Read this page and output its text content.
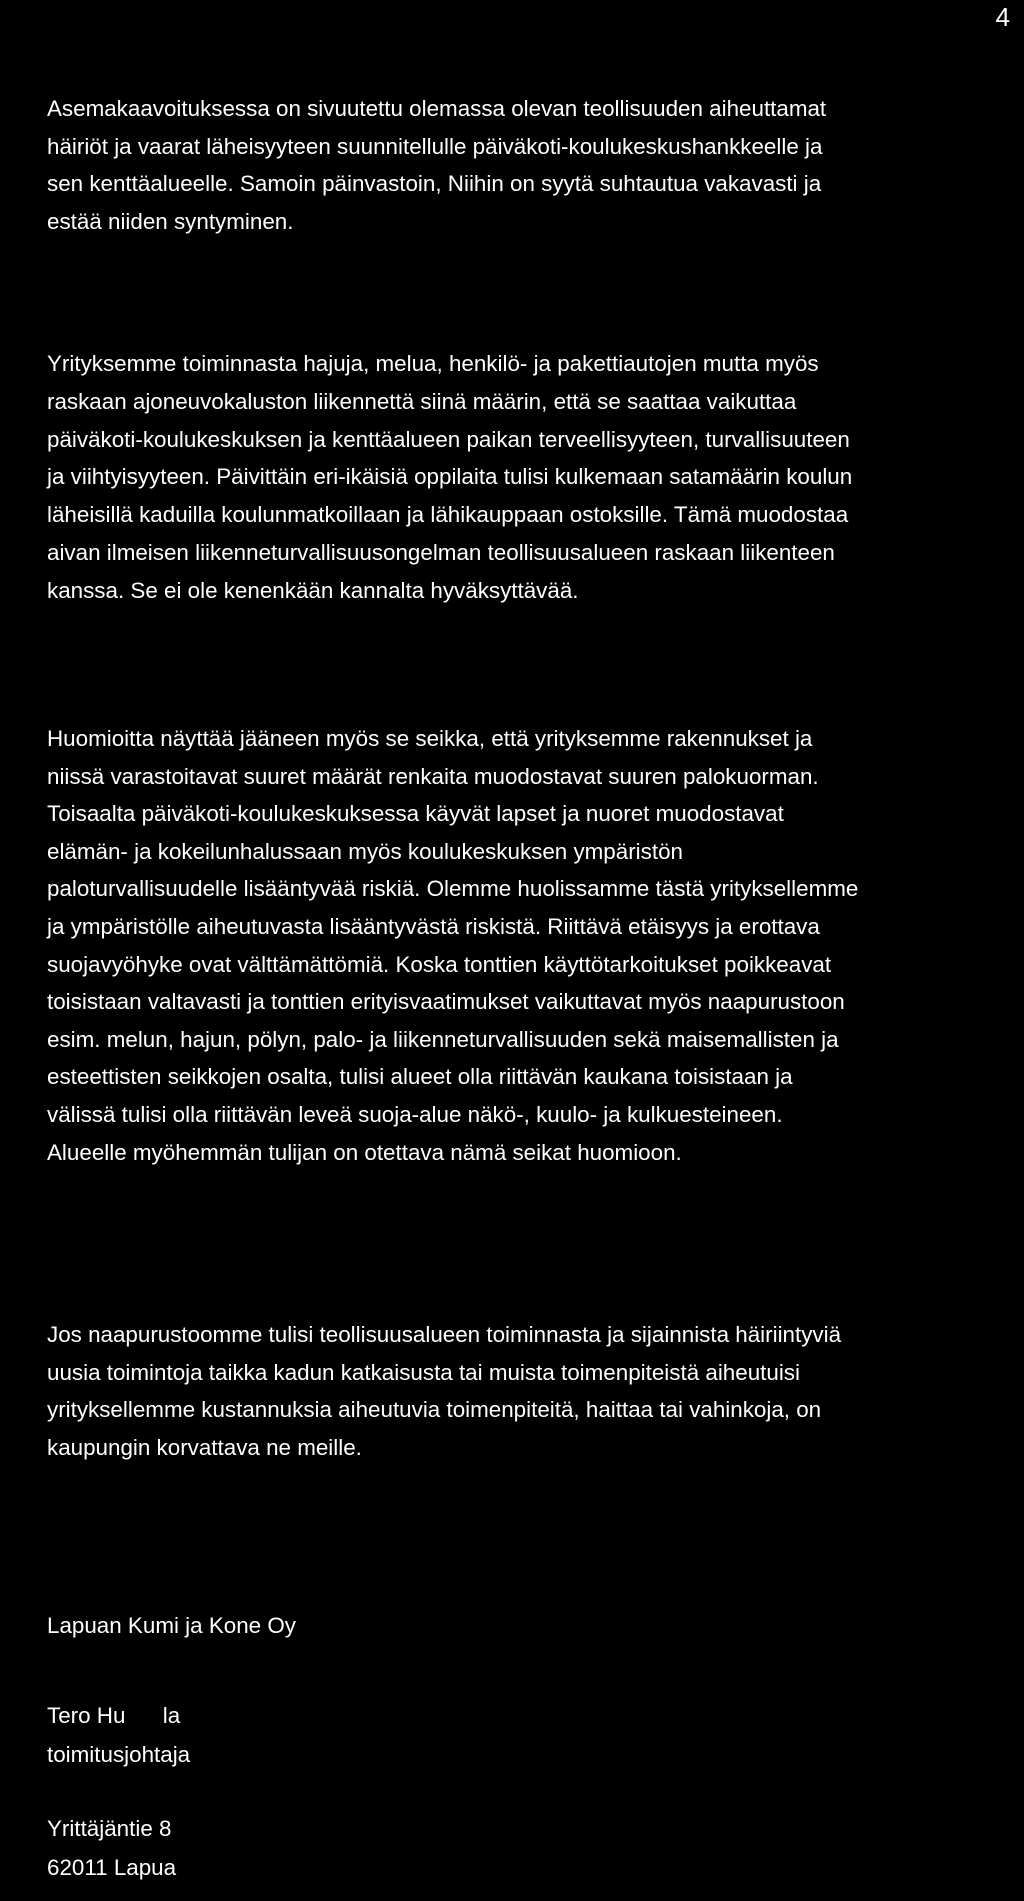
4

Asemakaavoituksessa on sivuutettu olemassa olevan teollisuuden aiheuttamat
häiriöt ja vaarat läheisyyteen suunnitellulle päiväkoti-koulukeskushankkeelle ja
sen kenttäalueelle. Samoin päinvastoin, Niihin on syytä suhtautua vakavasti ja
estää niiden syntyminen.

Yrityksemme toiminnasta hajuja, melua, henkilö- ja pakettiautojen mutta myös
raskaan ajoneuvokaluston liikennettä siinä määrin, että se saattaa vaikuttaa
päiväkoti-koulukeskuksen ja kenttäalueen paikan terveellisyyteen, turvallisuuteen
ja viihtyisyyteen. Päivittäin eri-ikäisiä oppilaita tulisi kulkemaan satamäärin koulun
läheisillä kaduilla koulunmatkoillaan ja lähikauppaan ostoksille. Tämä muodostaa
aivan ilmeisen liikenneturvallisuusongelman teollisuusalueen raskaan liikenteen
kanssa. Se ei ole kenenkään kannalta hyväksyttävää.

Huomioitta näyttää jääneen myös se seikka, että yrityksemme rakennukset ja
niissä varastoitavat suuret määrät renkaita muodostavat suuren palokuorman.
Toisaalta päiväkoti-koulukeskuksessa käyvät lapset ja nuoret muodostavat
elämän- ja kokeilunhalussaan myös koulukeskuksen ympäristön
paloturvallisuudelle lisääntyvää riskiä. Olemme huolissamme tästä yrityksellemme
ja ympäristölle aiheutuvasta lisääntyvästä riskistä. Riittävä etäisyys ja erottava
suojavyöhyke ovat välttämättömiä. Koska tonttien käyttötarkoitukset poikkeavat
toisistaan valtavasti ja tonttien erityisvaatimukset vaikuttavat myös naapurustoon
esim. melun, hajun, pölyn, palo- ja liikenneturvallisuuden sekä maisemallisten ja
esteettisten seikkojen osalta, tulisi alueet olla riittävän kaukana toisistaan ja
välissä tulisi olla riittävän leveä suoja-alue näkö-, kuulo- ja kulkuesteineen.
Alueelle myöhemmän tulijan on otettava nämä seikat huomioon.

Jos naapurustoomme tulisi teollisuusalueen toiminnasta ja sijainnista häiriintyviä
uusia toimintoja taikka kadun katkaisusta tai muista toimenpiteistä aiheutuisi
yrityksellemme kustannuksia aiheutuvia toimenpiteitä, haittaa tai vahinkoja, on
kaupungin korvattava ne meille.

Lapuan Kumi ja Kone Oy
Tero Hu      la
toimitusjohtaja
Yrittäjäntie 8
62011 Lapua
